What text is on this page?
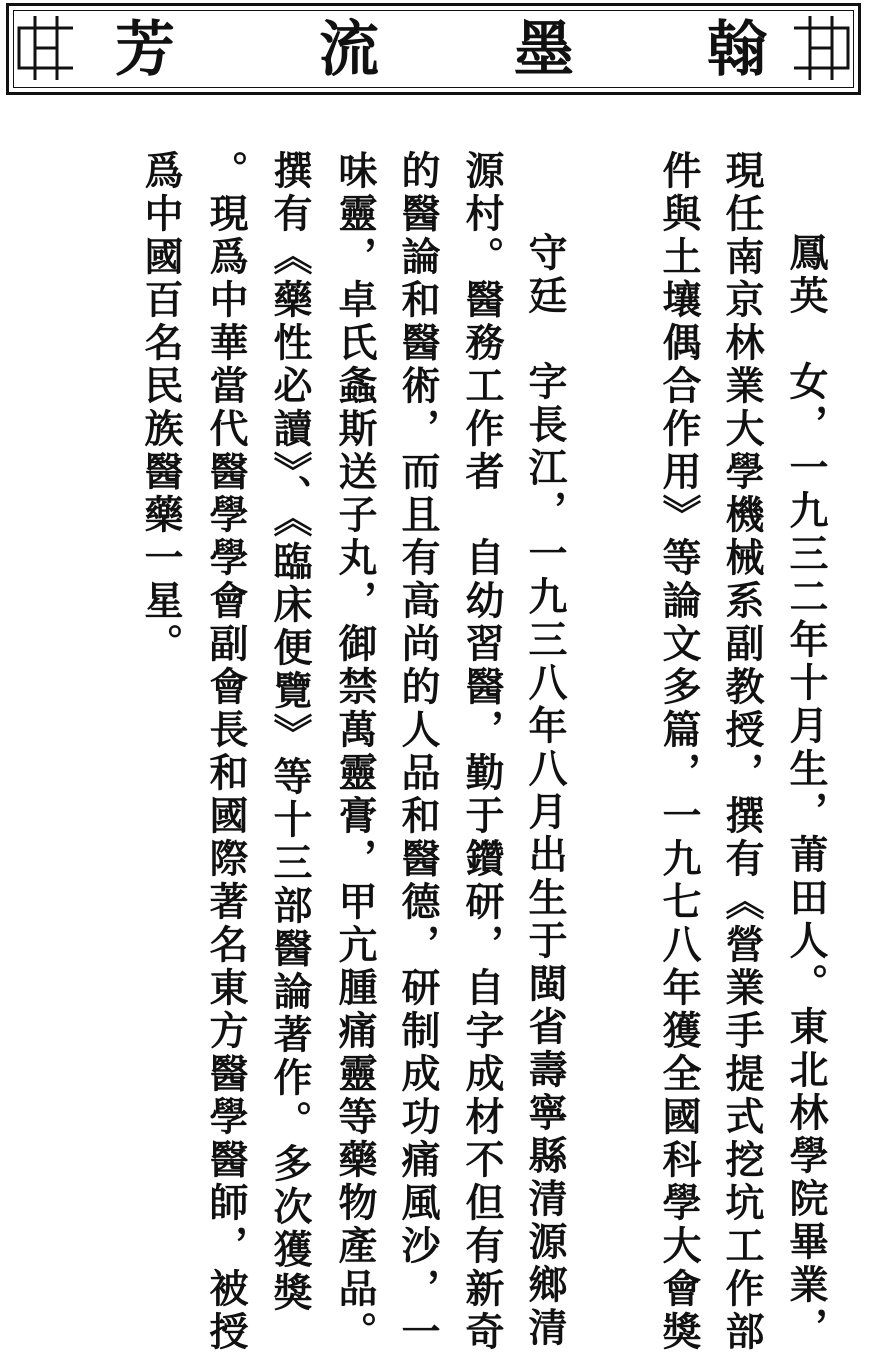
芳 流 墨 翰
鳳英　女，一九三二年十月生，莆田人。東北林學院畢業，
現任南京林業大學機械系副教授，撰有《營業手提式挖坑工作部
件與土壤偶合作用》等論文多篇，一九七八年獲全國科學大會獎
守廷　字長江，一九三八年八月出生于閩省壽寧縣清源鄉清
源村。醫務工作者　自幼習醫，勤于鑽研，自字成材不但有新奇
的醫論和醫術，而且有高尚的人品和醫德，研制成功痛風沙，一
味靈，卓氏螽斯送子丸，御禁萬靈膏，甲亢腫痛靈等藥物產品。
撰有《藥性必讀》、《臨床便覽》等十三部醫論著作。多次獲獎
。現爲中華當代醫學學會副會長和國際著名東方醫學醫師，被授
爲中國百名民族醫藥一星。
